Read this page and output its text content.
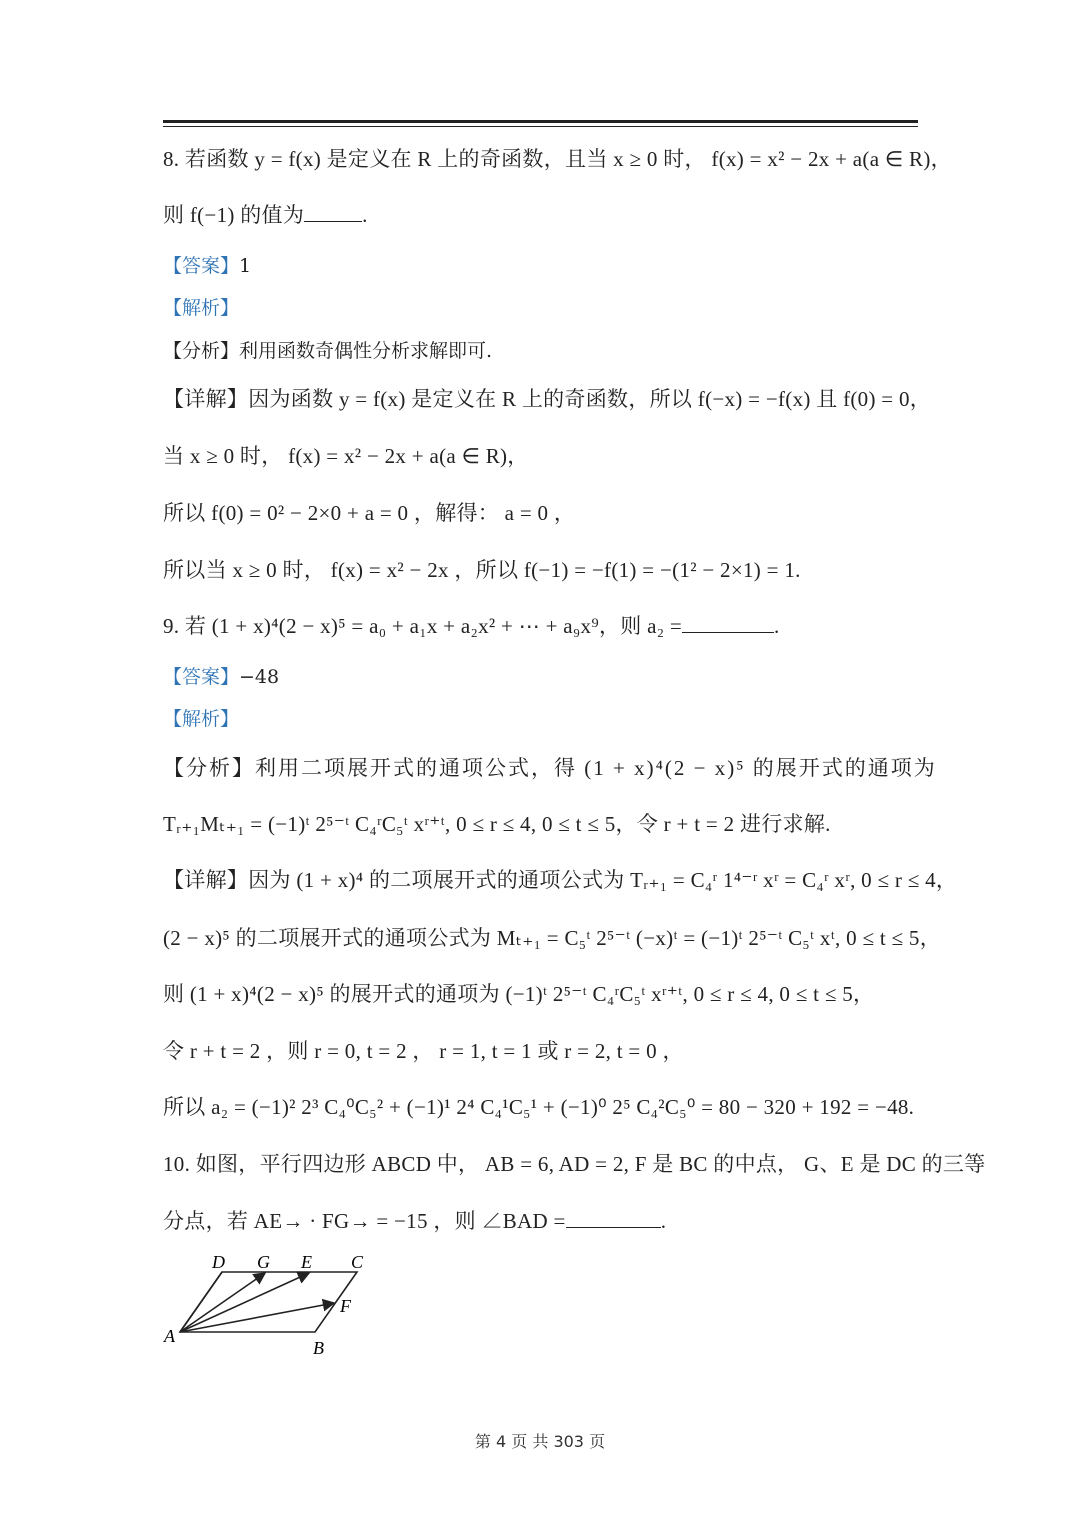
8. 若函数 y = f(x) 是定义在 R 上的奇函数，且当 x ≥ 0 时， f(x) = x² − 2x + a(a ∈ R)，
则 f(−1) 的值为	.
【答案】1
【解析】
【分析】利用函数奇偶性分析求解即可.
【详解】因为函数 y = f(x) 是定义在 R 上的奇函数，所以 f(−x) = −f(x) 且 f(0) = 0，
当 x ≥ 0 时， f(x) = x² − 2x + a(a ∈ R)，
所以 f(0) = 0² − 2×0 + a = 0 ，解得： a = 0 ，
所以当 x ≥ 0 时， f(x) = x² − 2x ，所以 f(−1) = −f(1) = −(1² − 2×1) = 1.
9. 若 (1 + x)⁴(2 − x)⁵ = a₀ + a₁x + a₂x² + ⋯ + a₉x⁹，则 a₂ =	.
【答案】−48
【解析】
【分析】利用二项展开式的通项公式，得 (1 + x)⁴(2 − x)⁵ 的展开式的通项为
Tᵣ₊₁Mₜ₊₁ = (−1)ᵗ 2⁵⁻ᵗ C₄ʳC₅ᵗ xʳ⁺ᵗ, 0 ≤ r ≤ 4, 0 ≤ t ≤ 5，令 r + t = 2 进行求解.
【详解】因为 (1 + x)⁴ 的二项展开式的通项公式为 Tᵣ₊₁ = C₄ʳ 1⁴⁻ʳ xʳ = C₄ʳ xʳ, 0 ≤ r ≤ 4，
(2 − x)⁵ 的二项展开式的通项公式为 Mₜ₊₁ = C₅ᵗ 2⁵⁻ᵗ (−x)ᵗ = (−1)ᵗ 2⁵⁻ᵗ C₅ᵗ xᵗ, 0 ≤ t ≤ 5，
则 (1 + x)⁴(2 − x)⁵ 的展开式的通项为 (−1)ᵗ 2⁵⁻ᵗ C₄ʳC₅ᵗ xʳ⁺ᵗ, 0 ≤ r ≤ 4, 0 ≤ t ≤ 5，
令 r + t = 2 ，则 r = 0, t = 2 ， r = 1, t = 1 或 r = 2, t = 0 ，
所以 a₂ = (−1)² 2³ C₄⁰C₅² + (−1)¹ 2⁴ C₄¹C₅¹ + (−1)⁰ 2⁵ C₄²C₅⁰ = 80 − 320 + 192 = −48.
10. 如图，平行四边形 ABCD 中， AB = 6, AD = 2, F 是 BC 的中点， G、E 是 DC 的三等
分点，若 AE→ · FG→ = −15 ，则 ∠BAD =	.
D G E C
F
A
B
第 4 页 共 303 页
